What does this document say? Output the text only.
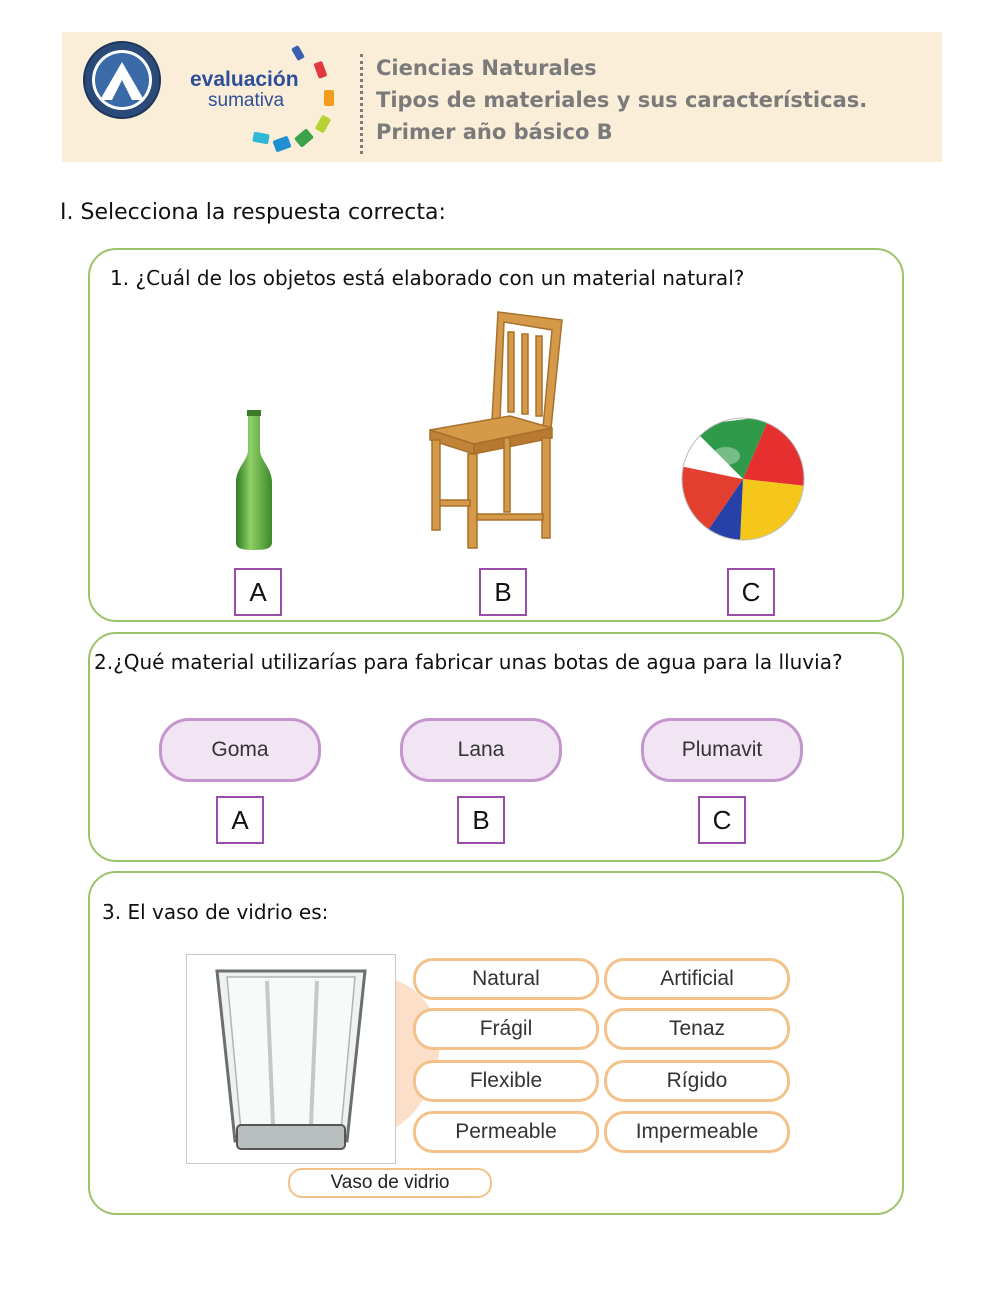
evaluación
sumativa
Ciencias Naturales
Tipos de materiales y sus características.
Primer año básico B
I. Selecciona la respuesta correcta:
1. ¿Cuál de los objetos está elaborado con un material natural?
A	B	C
2.¿Qué material utilizarías para fabricar unas botas de agua para la lluvia?
Goma	Lana	Plumavit
A	B	C
3. El vaso de vidrio es:
Natural	Artificial
Frágil	Tenaz
Flexible	Rígido
Permeable	Impermeable
Vaso de vidrio
